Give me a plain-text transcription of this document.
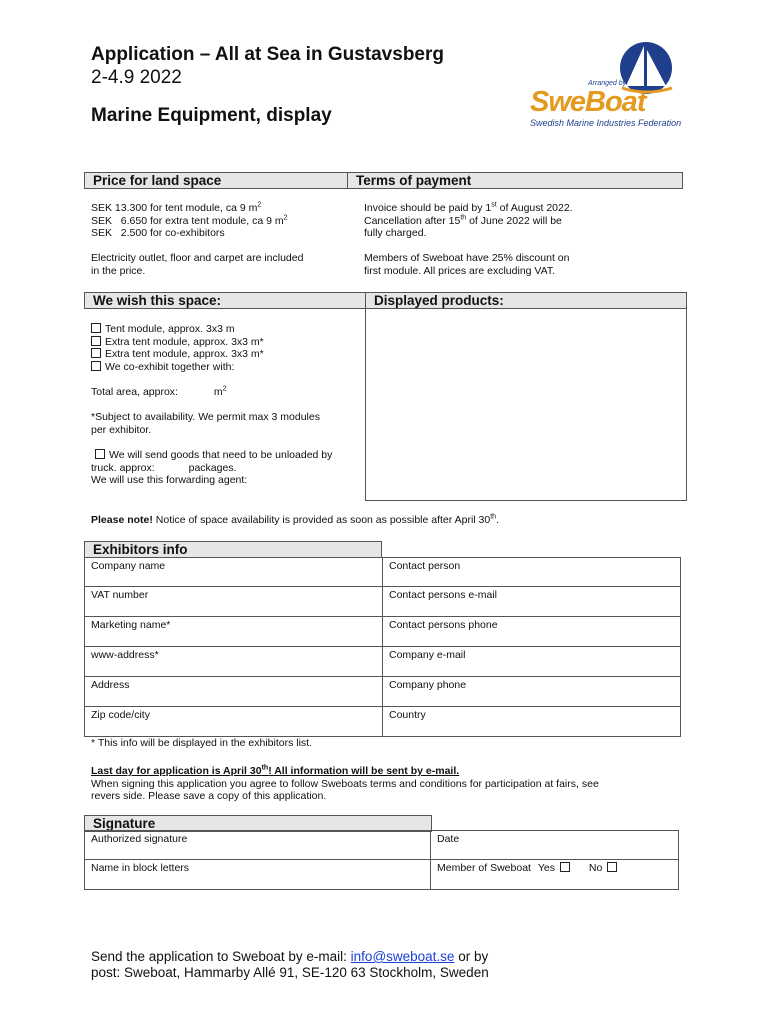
Application – All at Sea in Gustavsberg
2-4.9 2022
Marine Equipment, display
Arranged by
SweBoat
Swedish Marine Industries Federation
Price for land space	Terms of payment
SEK 13.300 for tent module, ca 9 $m^2$
SEK   6.650 for extra tent module, ca 9 $m^2$
SEK   2.500 for co-exhibitors
Electricity outlet, floor and carpet are included
in the price.
Invoice should be paid by 1st of August 2022.
Cancellation after 15th of June 2022 will be
fully charged.
Members of Sweboat have 25% discount on
first module. All prices are excluding VAT.
We wish this space:	Displayed products:
Tent module, approx. 3x3 m
Extra tent module, approx. 3x3 m*
Extra tent module, approx. 3x3 m*
We co-exhibit together with:
Total area, approx:	$m^2$
*Subject to availability. We permit max 3 modules
per exhibitor.
We will send goods that need to be unloaded by
truck. approx:	packages.
We will use this forwarding agent:
Please note! Notice of space availability is provided as soon as possible after April 30th.
Exhibitors info
Company name	Contact person
VAT number	Contact persons e-mail
Marketing name*	Contact persons phone
www-address*	Company e-mail
Address	Company phone
Zip code/city	Country
* This info will be displayed in the exhibitors list.
Last day for application is April 30th! All information will be sent by e-mail.
When signing this application you agree to follow Sweboats terms and conditions for participation at fairs, see
revers side. Please save a copy of this application.
Signature
Authorized signature	Date
Name in block letters	Member of Sweboat Yes	No
Send the application to Sweboat by e-mail: info@sweboat.se or by
post: Sweboat, Hammarby Allé 91, SE-120 63 Stockholm, Sweden
